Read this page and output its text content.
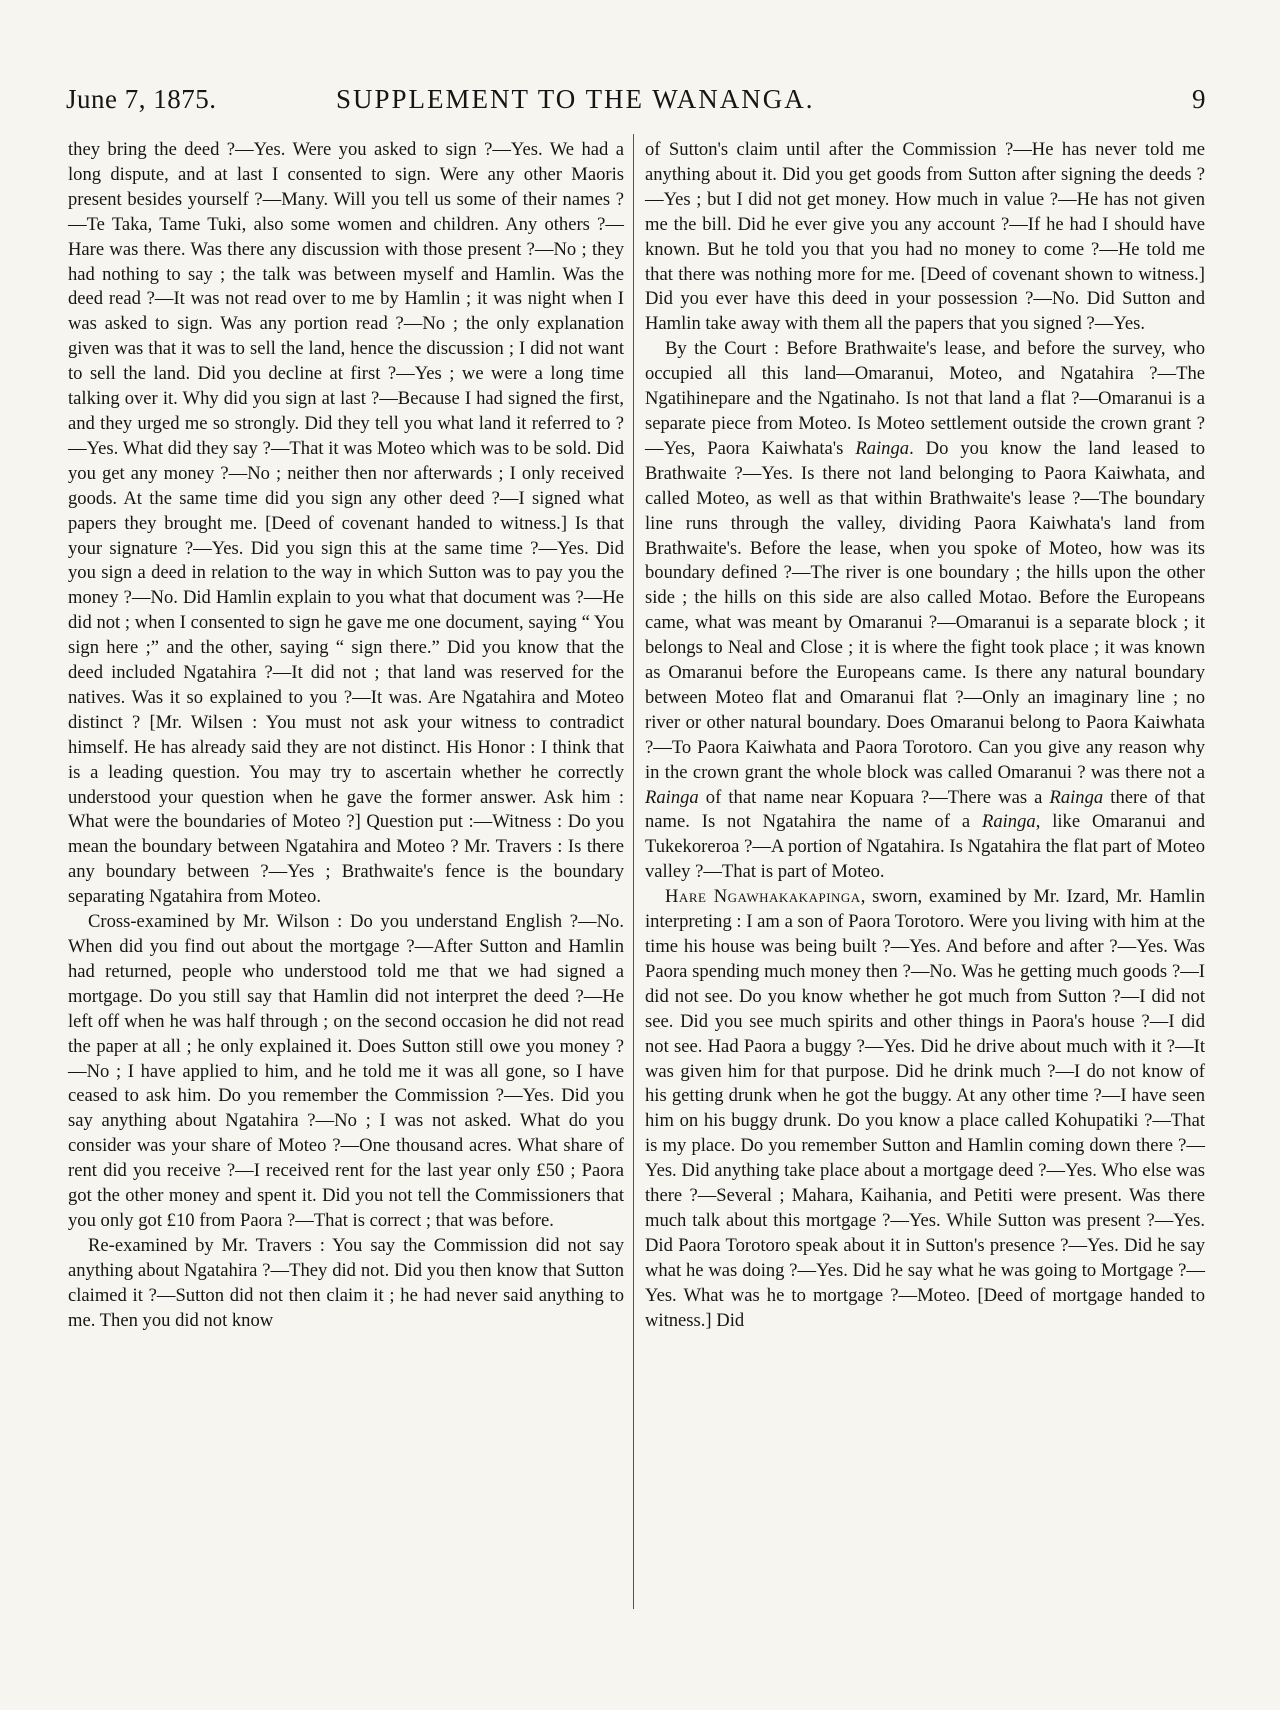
June 7, 1875.	SUPPLEMENT TO THE WANANGA.	9

they bring the deed ?—Yes. Were you asked to sign ?—Yes. We had a long dispute, and at last I consented to sign. Were any other Maoris present besides yourself ?—Many. Will you tell us some of their names ?—Te Taka, Tame Tuki, also some women and children. Any others ?—Hare was there. Was there any discussion with those present ?—No ; they had nothing to say ; the talk was between myself and Hamlin. Was the deed read ?—It was not read over to me by Hamlin ; it was night when I was asked to sign. Was any portion read ?—No ; the only explanation given was that it was to sell the land, hence the discussion ; I did not want to sell the land. Did you decline at first ?—Yes ; we were a long time talking over it. Why did you sign at last ?—Because I had signed the first, and they urged me so strongly. Did they tell you what land it referred to ?—Yes. What did they say ?—That it was Moteo which was to be sold. Did you get any money ?—No ; neither then nor afterwards ; I only received goods. At the same time did you sign any other deed ?—I signed what papers they brought me. [Deed of covenant handed to witness.] Is that your signature ?—Yes. Did you sign this at the same time ?—Yes. Did you sign a deed in relation to the way in which Sutton was to pay you the money ?—No. Did Hamlin explain to you what that document was ?—He did not ; when I consented to sign he gave me one document, saying “ You sign here ;” and the other, saying “ sign there.” Did you know that the deed included Ngatahira ?—It did not ; that land was reserved for the natives. Was it so explained to you ?—It was. Are Ngatahira and Moteo distinct ? [Mr. Wilsen : You must not ask your witness to contradict himself. He has already said they are not distinct. His Honor : I think that is a leading question. You may try to ascertain whether he correctly understood your question when he gave the former answer. Ask him : What were the boundaries of Moteo ?] Question put :—Witness : Do you mean the boundary between Ngatahira and Moteo ? Mr. Travers : Is there any boundary between ?—Yes ; Brathwaite's fence is the boundary separating Ngatahira from Moteo.

Cross-examined by Mr. Wilson : Do you understand English ?—No. When did you find out about the mortgage ?—After Sutton and Hamlin had returned, people who understood told me that we had signed a mortgage. Do you still say that Hamlin did not interpret the deed ?—He left off when he was half through ; on the second occasion he did not read the paper at all ; he only explained it. Does Sutton still owe you money ?—No ; I have applied to him, and he told me it was all gone, so I have ceased to ask him. Do you remember the Commission ?—Yes. Did you say anything about Ngatahira ?—No ; I was not asked. What do you consider was your share of Moteo ?—One thousand acres. What share of rent did you receive ?—I received rent for the last year only £50 ; Paora got the other money and spent it. Did you not tell the Commissioners that you only got £10 from Paora ?—That is correct ; that was before.

Re-examined by Mr. Travers : You say the Commission did not say anything about Ngatahira ?—They did not. Did you then know that Sutton claimed it ?—Sutton did not then claim it ; he had never said anything to me. Then you did not know

of Sutton's claim until after the Commission ?—He has never told me anything about it. Did you get goods from Sutton after signing the deeds ?—Yes ; but I did not get money. How much in value ?—He has not given me the bill. Did he ever give you any account ?—If he had I should have known. But he told you that you had no money to come ?—He told me that there was nothing more for me. [Deed of covenant shown to witness.] Did you ever have this deed in your possession ?—No. Did Sutton and Hamlin take away with them all the papers that you signed ?—Yes.

By the Court : Before Brathwaite's lease, and before the survey, who occupied all this land—Omaranui, Moteo, and Ngatahira ?—The Ngatihinepare and the Ngatinaho. Is not that land a flat ?—Omaranui is a separate piece from Moteo. Is Moteo settlement outside the crown grant ?—Yes, Paora Kaiwhata's Rainga. Do you know the land leased to Brathwaite ?—Yes. Is there not land belonging to Paora Kaiwhata, and called Moteo, as well as that within Brathwaite's lease ?—The boundary line runs through the valley, dividing Paora Kaiwhata's land from Brathwaite's. Before the lease, when you spoke of Moteo, how was its boundary defined ?—The river is one boundary ; the hills upon the other side ; the hills on this side are also called Motao. Before the Europeans came, what was meant by Omaranui ?—Omaranui is a separate block ; it belongs to Neal and Close ; it is where the fight took place ; it was known as Omaranui before the Europeans came. Is there any natural boundary between Moteo flat and Omaranui flat ?—Only an imaginary line ; no river or other natural boundary. Does Omaranui belong to Paora Kaiwhata ?—To Paora Kaiwhata and Paora Torotoro. Can you give any reason why in the crown grant the whole block was called Omaranui ? was there not a Rainga of that name near Kopuara ?—There was a Rainga there of that name. Is not Ngatahira the name of a Rainga, like Omaranui and Tukekoreroa ?—A portion of Ngatahira. Is Ngatahira the flat part of Moteo valley ?—That is part of Moteo.

Hare Ngawhakakapinga, sworn, examined by Mr. Izard, Mr. Hamlin interpreting : I am a son of Paora Torotoro. Were you living with him at the time his house was being built ?—Yes. And before and after ?—Yes. Was Paora spending much money then ?—No. Was he getting much goods ?—I did not see. Do you know whether he got much from Sutton ?—I did not see. Did you see much spirits and other things in Paora's house ?—I did not see. Had Paora a buggy ?—Yes. Did he drive about much with it ?—It was given him for that purpose. Did he drink much ?—I do not know of his getting drunk when he got the buggy. At any other time ?—I have seen him on his buggy drunk. Do you know a place called Kohupatiki ?—That is my place. Do you remember Sutton and Hamlin coming down there ?—Yes. Did anything take place about a mortgage deed ?—Yes. Who else was there ?—Several ; Mahara, Kaihania, and Petiti were present. Was there much talk about this mortgage ?—Yes. While Sutton was present ?—Yes. Did Paora Torotoro speak about it in Sutton's presence ?—Yes. Did he say what he was doing ?—Yes. Did he say what he was going to Mortgage ?—Yes. What was he to mortgage ?—Moteo. [Deed of mortgage handed to witness.] Did
